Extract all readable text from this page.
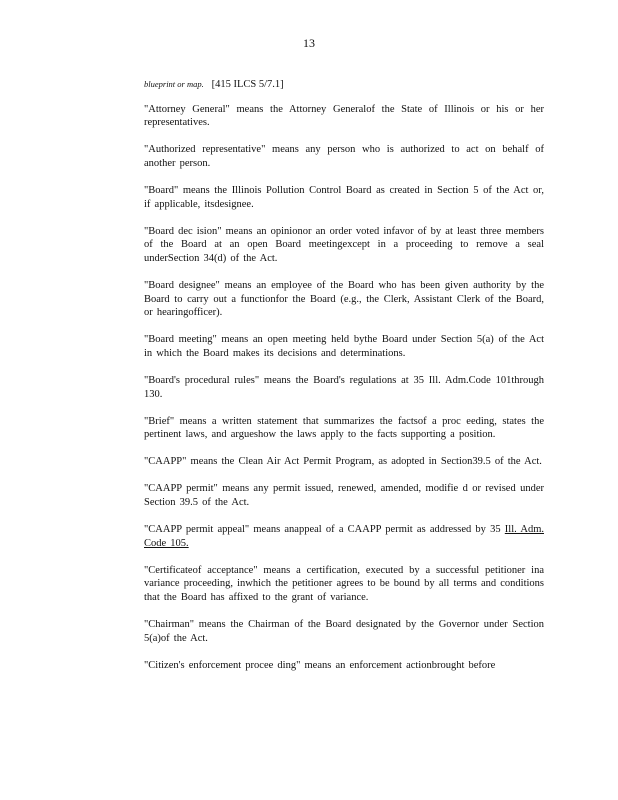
13

blueprint or map. [415 ILCS 5/7.1]

"Attorney General" means the Attorney Generalof the State of Illinois or his or her representatives.

"Authorized representative" means any person who is authorized to act on behalf of another person.

"Board" means the Illinois Pollution Control Board as created in Section 5 of the Act or, if applicable, itsdesignee.

"Board dec ision" means an opinionor an order voted infavor of by at least three members of the Board at an open Board meetingexcept in a proceeding to remove a seal underSection 34(d) of the Act.

"Board designee" means an employee of the Board who has been given authority by the Board to carry out a functionfor the Board (e.g., the Clerk, Assistant Clerk of the Board, or hearingofficer).

"Board meeting" means an open meeting held bythe Board under Section 5(a) of the Act in which the Board makes its decisions and determinations.

"Board's procedural rules" means the Board's regulations at 35 Ill. Adm.Code 101through 130.

"Brief" means a written statement that summarizes the factsof a proc eeding, states the pertinent laws, and argueshow the laws apply to the facts supporting a position.

"CAAPP" means the Clean Air Act Permit Program, as adopted in Section39.5 of the Act.

"CAAPP permit" means any permit issued, renewed, amended, modifie d or revised under Section 39.5 of the Act.

"CAAPP permit appeal" means anappeal of a CAAPP permit as addressed by 35 Ill. Adm. Code 105.

"Certificateof acceptance" means a certification, executed by a successful petitioner ina variance proceeding, inwhich the petitioner agrees to be bound by all terms and conditions that the Board has affixed to the grant of variance.

"Chairman" means the Chairman of the Board designated by the Governor under Section 5(a)of the Act.

"Citizen's enforcement procee ding" means an enforcement actionbrought before
